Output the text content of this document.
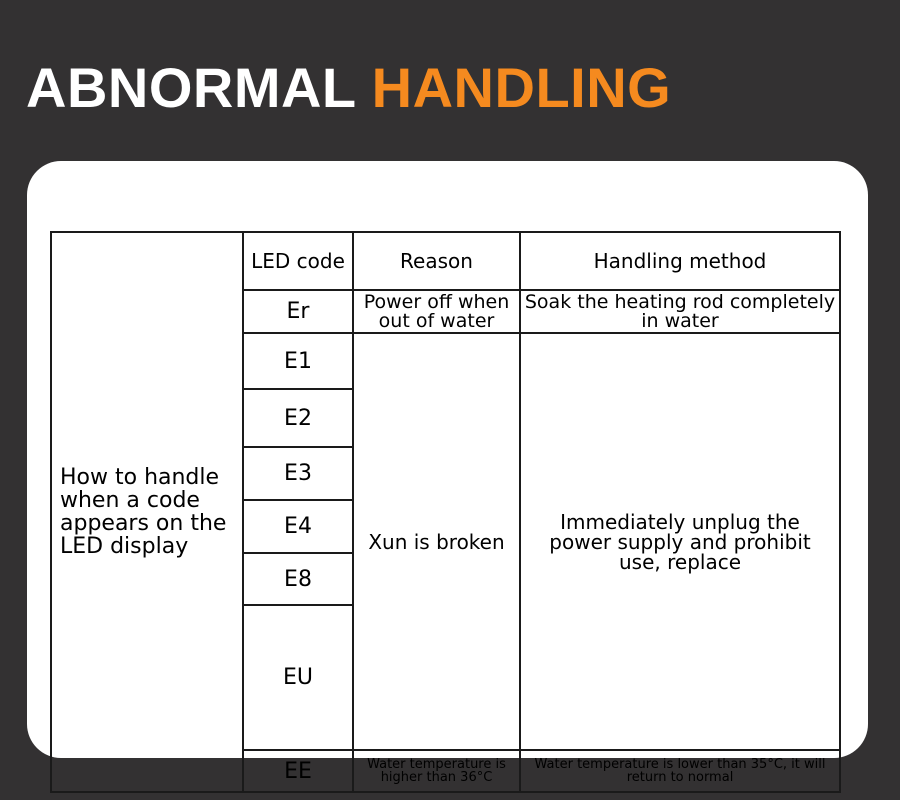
ABNORMAL HANDLING
How to handle when a code appears on the LED display	LED code	Reason	Handling method	
	Er	Power off when out of water	Soak the heating rod completely in water	
	E1	Xun is broken	Immediately unplug the power supply and prohibit use, replace	
	E2			
	E3			
	E4			
	E8			
	EU		
	EE	Water temperature is higher than 36°C	Water temperature is lower than 35°C, it will return to normal	
